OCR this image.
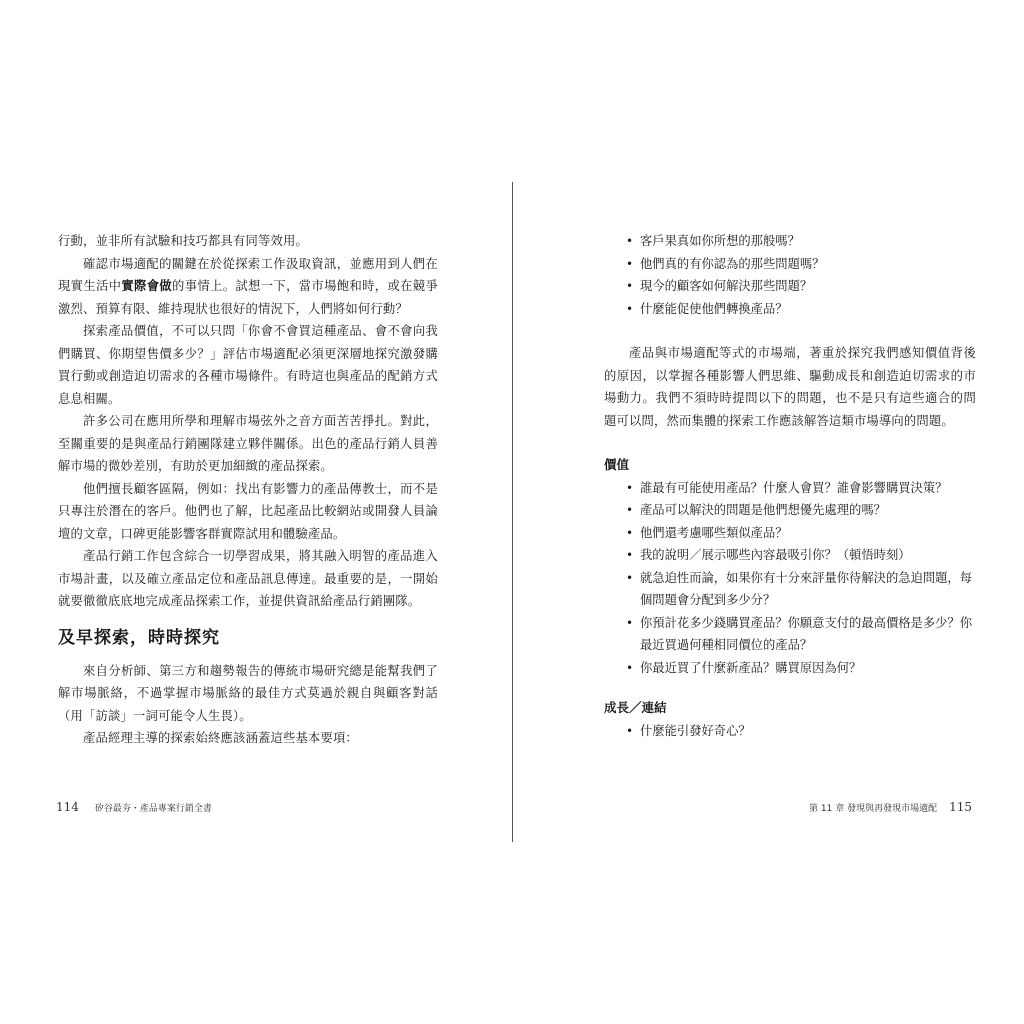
行動，並非所有試驗和技巧都具有同等效用。

確認市場適配的關鍵在於從探索工作汲取資訊，並應用到人們在現實生活中實際會做的事情上。試想一下，當市場飽和時，或在競爭激烈、預算有限、維持現狀也很好的情況下，人們將如何行動？

探索產品價值，不可以只問「你會不會買這種產品、會不會向我們購買、你期望售價多少？」評估市場適配必須更深層地探究激發購買行動或創造迫切需求的各種市場條件。有時這也與產品的配銷方式息息相關。

許多公司在應用所學和理解市場弦外之音方面苦苦掙扎。對此，至關重要的是與產品行銷團隊建立夥伴關係。出色的產品行銷人員善解市場的微妙差別，有助於更加細緻的產品探索。

他們擅長顧客區隔，例如：找出有影響力的產品傳教士，而不是只專注於潛在的客戶。他們也了解，比起產品比較網站或開發人員論壇的文章，口碑更能影響客群實際試用和體驗產品。

產品行銷工作包含綜合一切學習成果，將其融入明智的產品進入市場計畫，以及確立產品定位和產品訊息傳達。最重要的是，一開始就要徹徹底底地完成產品探索工作，並提供資訊給產品行銷團隊。

及早探索，時時探究

來自分析師、第三方和趨勢報告的傳統市場研究總是能幫我們了解市場脈絡，不過掌握市場脈絡的最佳方式莫過於親自與顧客對話（用「訪談」一詞可能令人生畏）。

產品經理主導的探索始終應該涵蓋這些基本要項：

• 客戶果真如你所想的那般嗎？
• 他們真的有你認為的那些問題嗎？
• 現今的顧客如何解決那些問題？
• 什麼能促使他們轉換產品？

產品與市場適配等式的市場端，著重於探究我們感知價值背後的原因，以掌握各種影響人們思維、驅動成長和創造迫切需求的市場動力。我們不須時時提問以下的問題，也不是只有這些適合的問題可以問，然而集體的探索工作應該解答這類市場導向的問題。

價值
• 誰最有可能使用產品？什麼人會買？誰會影響購買決策？
• 產品可以解決的問題是他們想優先處理的嗎？
• 他們還考慮哪些類似產品？
• 我的說明／展示哪些內容最吸引你？（頓悟時刻）
• 就急迫性而論，如果你有十分來評量你待解決的急迫問題，每個問題會分配到多少分？
• 你預計花多少錢購買產品？你願意支付的最高價格是多少？你最近買過何種相同價位的產品？
• 你最近買了什麼新產品？購買原因為何？
成長／連結
• 什麼能引發好奇心？
114 矽谷最夯・產品專案行銷全書	第 11 章 發現與再發現市場適配 115
